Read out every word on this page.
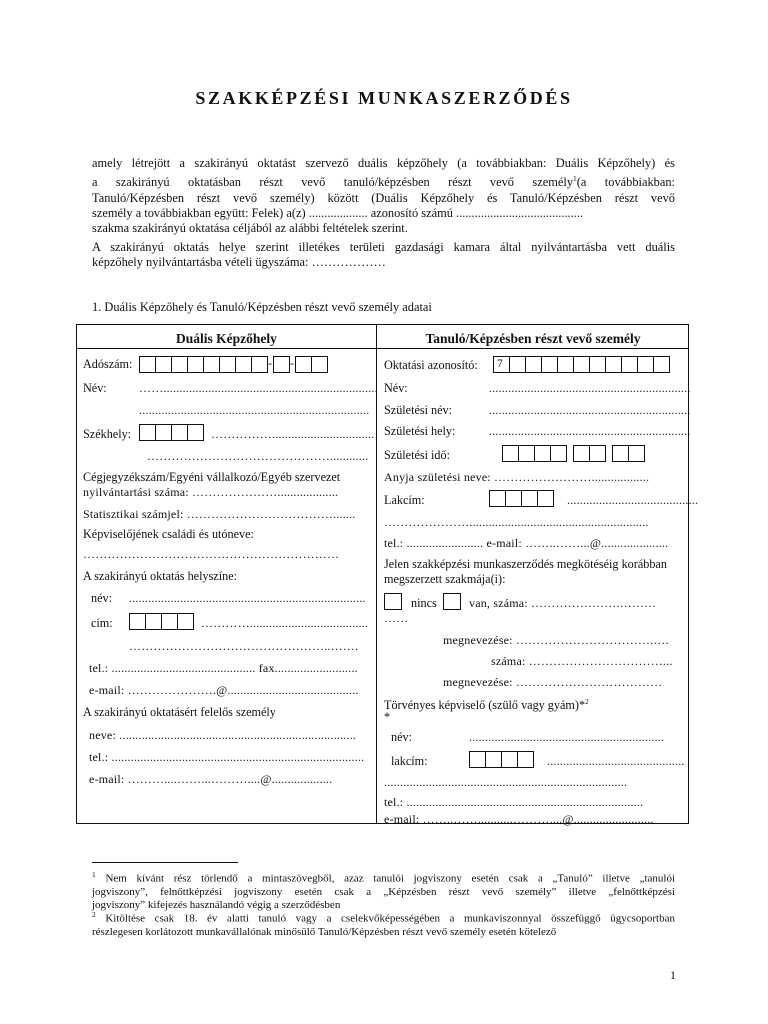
SZAKKÉPZÉSI MUNKASZERZŐDÉS

amely létrejött a szakirányú oktatást szervező duális képzőhely (a továbbiakban: Duális Képzőhely) és

a szakirányú oktatásban részt vevő tanuló/képzésben részt vevő személy$^1$(a továbbiakban:

Tanuló/Képzésben részt vevő személy) között (Duális Képzőhely és Tanuló/Képzésben részt vevő

személy a továbbiakban együtt: Felek) a(z) ................... azonosító számú .........................................

szakma szakirányú oktatása céljából az alábbi feltételek szerint.

A szakirányú oktatás helye szerint illetékes területi gazdasági kamara által nyilvántartásba vett duális

képzőhely nyilvántartásba vételi ügyszáma: ………………

1. Duális Képzőhely és Tanuló/Képzésben részt vevő személy adatai
Duális Képzőhely
Adószám:	- -
Név:	……...................................................................
........................................................................
Székhely:	……………................................
………………………………………............
Cégjegyzékszám/Egyéni vállalkozó/Egyéb szervezet
nyilvántartási száma: …………………...................
Statisztikai számjel: ……………………………….......
Képviselőjének családi és utóneve:
………………………………………………………
A szakirányú oktatás helyszíne:
név: ..........................................................................
cím:	………….....................................
…………………………………………..…….
tel.: ............................................. fax..........................
e-mail: ………………….@.........................................
A szakirányú oktatásért felelős személy
neve: ..........................................................................
tel.: ...............................................................................
e-mail: ………....……...………....@...................
Tanuló/Képzésben részt vevő személy
Oktatási azonosító:	7
Név:	...............................................................
Születési név:	...............................................................
Születési hely:	...............................................................
Születési idő:
Anyja születési neve: ……………………..................
Lakcím:	.........................................
…………………........................................................
tel.: ........................ e-mail: ……..……...@.....................
Jelen szakképzési munkaszerződés megkötéséig korábban
megszerzett szakmája(i):
nincs	van, száma: ………………….………
……
megnevezése: …………………………….….
száma: ……………………………...
megnevezése: ………………………………
Törvényes képviselő (szülő vagy gyám)*$^2$
*
név:	.............................................................
lakcím:	...........................................
............................................................................
tel.: ..........................................................................
e-mail: ……..……...........………....@.........................

$^1$ Nem kívánt rész törlendő a mintaszövegből, azaz tanulói jogviszony esetén csak a „Tanuló” illetve „tanulói

jogviszony”, felnőttképzési jogviszony esetén csak a „Képzésben részt vevő személy” illetve „felnőttképzési

jogviszony” kifejezés használandó végig a szerződésben

$^2$ Kitöltése csak 18. év alatti tanuló vagy a cselekvőképességében a munkaviszonnyal összefüggő ügycsoportban

részlegesen korlátozott munkavállalónak minősülő Tanuló/Képzésben részt vevő személy esetén kötelező

1
